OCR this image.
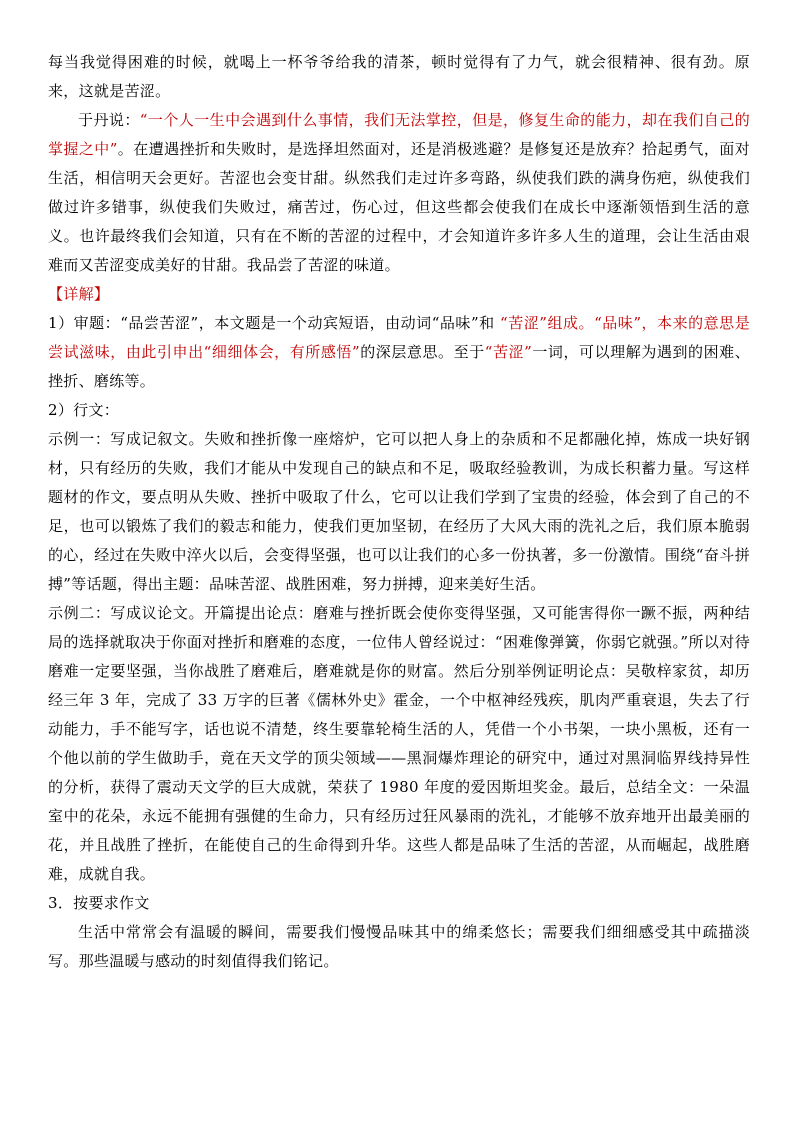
每当我觉得困难的时候，就喝上一杯爷爷给我的清茶，顿时觉得有了力气，就会很精神、很有劲。原来，这就是苦涩。

于丹说：“一个人一生中会遇到什么事情，我们无法掌控，但是，修复生命的能力，却在我们自己的掌握之中”。在遭遇挫折和失败时，是选择坦然面对，还是消极逃避？是修复还是放弃？拾起勇气，面对生活，相信明天会更好。苦涩也会变甘甜。纵然我们走过许多弯路，纵使我们跌的满身伤疤，纵使我们做过许多错事，纵使我们失败过，痛苦过，伤心过，但这些都会使我们在成长中逐渐领悟到生活的意义。也许最终我们会知道，只有在不断的苦涩的过程中，才会知道许多许多人生的道理，会让生活由艰难而又苦涩变成美好的甘甜。我品尝了苦涩的味道。

【详解】

1）审题：“品尝苦涩”，本文题是一个动宾短语，由动词“品味”和 “苦涩”组成。“品味”，本来的意思是尝试滋味，由此引申出“细细体会，有所感悟”的深层意思。至于“苦涩”一词，可以理解为遇到的困难、挫折、磨练等。

2）行文：

示例一：写成记叙文。失败和挫折像一座熔炉，它可以把人身上的杂质和不足都融化掉，炼成一块好钢材，只有经历的失败，我们才能从中发现自己的缺点和不足，吸取经验教训，为成长积蓄力量。写这样题材的作文，要点明从失败、挫折中吸取了什么，它可以让我们学到了宝贵的经验，体会到了自己的不足，也可以锻炼了我们的毅志和能力，使我们更加坚韧，在经历了大风大雨的洗礼之后，我们原本脆弱的心，经过在失败中淬火以后，会变得坚强，也可以让我们的心多一份执著，多一份激情。围绕“奋斗拼搏”等话题，得出主题：品味苦涩、战胜困难，努力拼搏，迎来美好生活。

示例二：写成议论文。开篇提出论点：磨难与挫折既会使你变得坚强，又可能害得你一蹶不振，两种结局的选择就取决于你面对挫折和磨难的态度，一位伟人曾经说过：“困难像弹簧，你弱它就强。”所以对待磨难一定要坚强，当你战胜了磨难后，磨难就是你的财富。然后分别举例证明论点：吴敬梓家贫，却历经三年 3 年，完成了 33 万字的巨著《儒林外史》霍金，一个中枢神经残疾，肌肉严重衰退，失去了行动能力，手不能写字，话也说不清楚，终生要靠轮椅生活的人，凭借一个小书架，一块小黑板，还有一个他以前的学生做助手，竟在天文学的顶尖领域——黑洞爆炸理论的研究中，通过对黑洞临界线持异性的分析，获得了震动天文学的巨大成就，荣获了 1980 年度的爱因斯坦奖金。最后，总结全文：一朵温室中的花朵，永远不能拥有强健的生命力，只有经历过狂风暴雨的洗礼，才能够不放弃地开出最美丽的花，并且战胜了挫折，在能使自己的生命得到升华。这些人都是品味了生活的苦涩，从而崛起，战胜磨难，成就自我。

3．按要求作文

生活中常常会有温暖的瞬间，需要我们慢慢品味其中的绵柔悠长；需要我们细细感受其中疏描淡写。那些温暖与感动的时刻值得我们铭记。
